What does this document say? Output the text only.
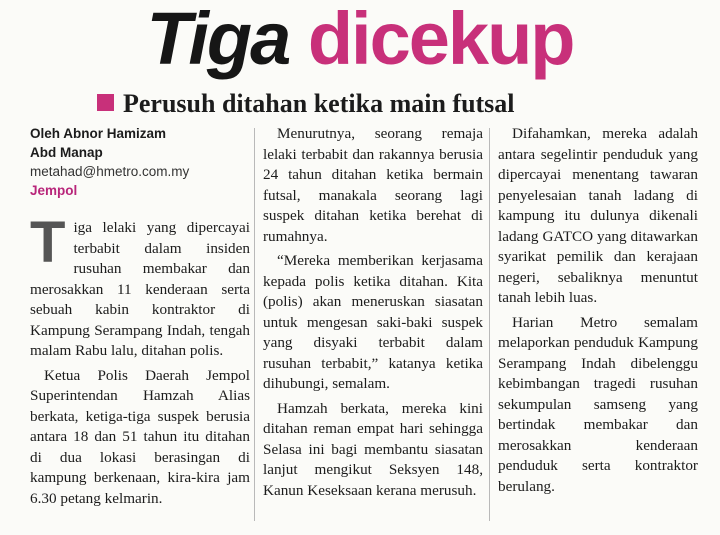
Tiga dicekup
Perusuh ditahan ketika main futsal
Oleh Abnor Hamizam
Abd Manap
metahad@hmetro.com.my
Jempol

Tiga lelaki yang dipercayai terbabit dalam insiden rusuhan membakar dan merosakkan 11 kenderaan serta sebuah kabin kontraktor di Kampung Serampang Indah, tengah malam Rabu lalu, ditahan polis.

Ketua Polis Daerah Jempol Superintendan Hamzah Alias berkata, ketiga-tiga suspek berusia antara 18 dan 51 tahun itu ditahan di dua lokasi berasingan di kampung berkenaan, kira-kira jam 6.30 petang kelmarin.

Menurutnya, seorang remaja lelaki terbabit dan rakannya berusia 24 tahun ditahan ketika bermain futsal, manakala seorang lagi suspek ditahan ketika berehat di rumahnya.

“Mereka memberikan kerjasama kepada polis ketika ditahan. Kita (polis) akan meneruskan siasatan untuk mengesan saki-baki suspek yang disyaki terbabit dalam rusuhan terbabit,” katanya ketika dihubungi, semalam.

Hamzah berkata, mereka kini ditahan reman empat hari sehingga Selasa ini bagi membantu siasatan lanjut mengikut Seksyen 148, Kanun Keseksaan kerana merusuh.

Difahamkan, mereka adalah antara segelintir penduduk yang dipercayai menentang tawaran penyelesaian tanah ladang di kampung itu dulunya dikenali ladang GATCO yang ditawarkan syarikat pemilik dan kerajaan negeri, sebaliknya menuntut tanah lebih luas.

Harian Metro semalam melaporkan penduduk Kampung Serampang Indah dibelenggu kebimbangan tragedi rusuhan sekumpulan samseng yang bertindak membakar dan merosakkan kenderaan penduduk serta kontraktor berulang.
